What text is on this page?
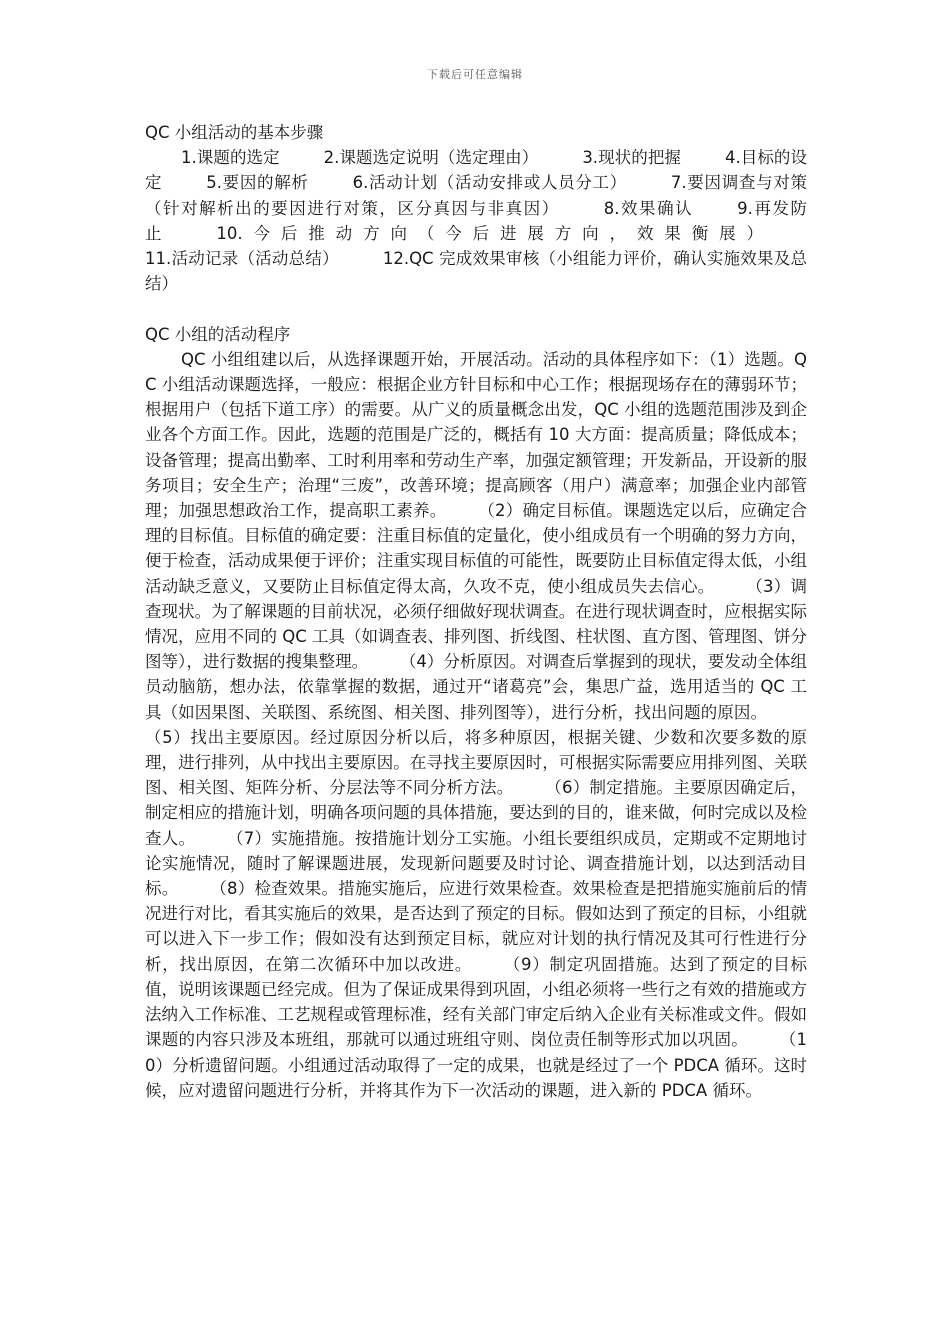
下载后可任意编辑

QC 小组活动的基本步骤

1.课题的选定	2.课题选定说明（选定理由）	3.现状的把握	4.目标的设定	5.要因的解析	6.活动计划（活动安排或人员分工）	7.要因调查与对策（针对解析出的要因进行对策，区分真因与非真因）	8.效果确认	9.再发防止	10.今后推动方向（今后进展方向，效果衡展）11.活动记录（活动总结）	12.QC 完成效果审核（小组能力评价，确认实施效果及总结）

QC 小组的活动程序

QC 小组组建以后，从选择课题开始，开展活动。活动的具体程序如下：（1）选题。QC 小组活动课题选择，一般应：根据企业方针目标和中心工作；根据现场存在的薄弱环节；根据用户（包括下道工序）的需要。从广义的质量概念出发，QC 小组的选题范围涉及到企业各个方面工作。因此，选题的范围是广泛的，概括有 10 大方面：提高质量；降低成本；设备管理；提高出勤率、工时利用率和劳动生产率，加强定额管理；开发新品，开设新的服务项目；安全生产；治理“三废”，改善环境；提高顾客（用户）满意率；加强企业内部管理；加强思想政治工作，提高职工素养。 （2）确定目标值。课题选定以后，应确定合理的目标值。目标值的确定要：注重目标值的定量化，使小组成员有一个明确的努力方向，便于检查，活动成果便于评价；注重实现目标值的可能性，既要防止目标值定得太低，小组活动缺乏意义，又要防止目标值定得太高，久攻不克，使小组成员失去信心。 （3）调查现状。为了解课题的目前状况，必须仔细做好现状调查。在进行现状调查时，应根据实际情况，应用不同的 QC 工具（如调查表、排列图、折线图、柱状图、直方图、管理图、饼分图等），进行数据的搜集整理。 （4）分析原因。对调查后掌握到的现状，要发动全体组员动脑筋，想办法，依靠掌握的数据，通过开“诸葛亮”会，集思广益，选用适当的 QC 工具（如因果图、关联图、系统图、相关图、排列图等），进行分析，找出问题的原因。（5）找出主要原因。经过原因分析以后，将多种原因，根据关键、少数和次要多数的原理，进行排列，从中找出主要原因。在寻找主要原因时，可根据实际需要应用排列图、关联图、相关图、矩阵分析、分层法等不同分析方法。 （6）制定措施。主要原因确定后，制定相应的措施计划，明确各项问题的具体措施，要达到的目的，谁来做，何时完成以及检查人。 （7）实施措施。按措施计划分工实施。小组长要组织成员，定期或不定期地讨论实施情况，随时了解课题进展，发现新问题要及时讨论、调查措施计划，以达到活动目标。 （8）检查效果。措施实施后，应进行效果检查。效果检查是把措施实施前后的情况进行对比，看其实施后的效果，是否达到了预定的目标。假如达到了预定的目标，小组就可以进入下一步工作；假如没有达到预定目标，就应对计划的执行情况及其可行性进行分析，找出原因，在第二次循环中加以改进。 （9）制定巩固措施。达到了预定的目标值，说明该课题已经完成。但为了保证成果得到巩固，小组必须将一些行之有效的措施或方法纳入工作标准、工艺规程或管理标准，经有关部门审定后纳入企业有关标准或文件。假如课题的内容只涉及本班组，那就可以通过班组守则、岗位责任制等形式加以巩固。 （10）分析遗留问题。小组通过活动取得了一定的成果，也就是经过了一个 PDCA 循环。这时候，应对遗留问题进行分析，并将其作为下一次活动的课题，进入新的 PDCA 循环。
